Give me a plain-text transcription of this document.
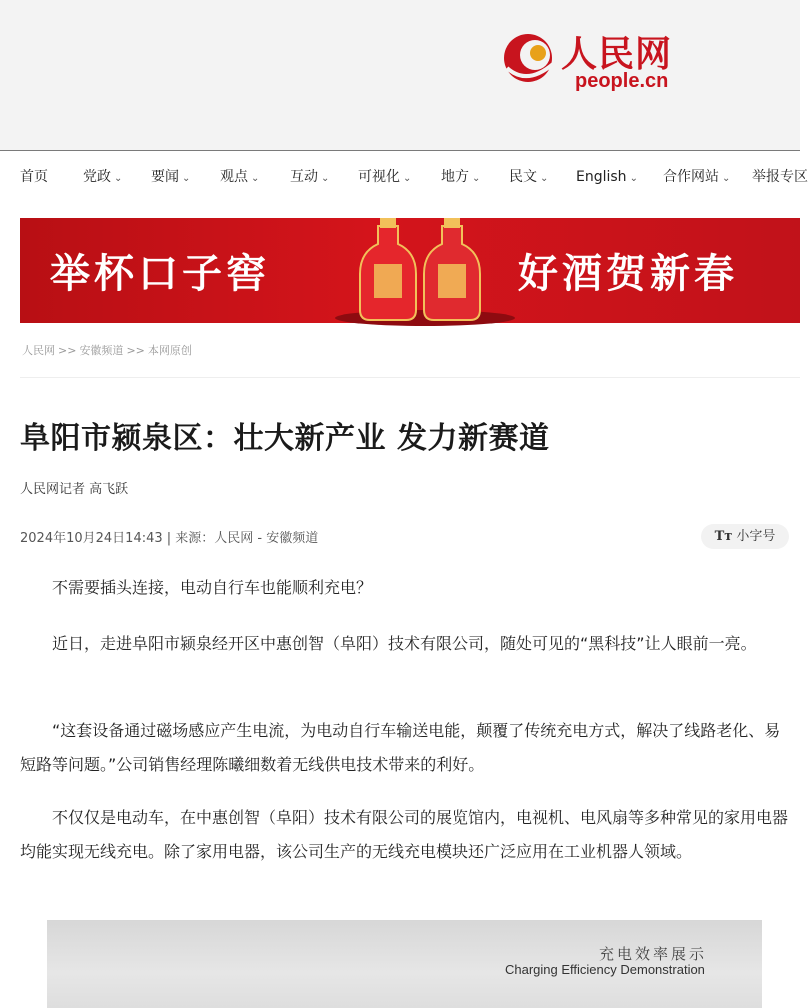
人民网
people.cn
首页	党政 ⌄ 要闻 ⌄ 观点 ⌄ 互动 ⌄ 可视化 ⌄ 地方 ⌄ 民文 ⌄ English ⌄ 合作网站 ⌄ 举报专区
举杯口子窖	好酒贺新春
人民网 >> 安徽频道 >> 本网原创
阜阳市颍泉区：壮大新产业 发力新赛道
人民网记者 高飞跃
2024年10月24日14:43 | 来源：人民网 - 安徽频道	Tт 小字号

不需要插头连接，电动自行车也能顺利充电？

近日，走进阜阳市颍泉经开区中惠创智（阜阳）技术有限公司，随处可见的“黑科技”让人眼前一亮。

“这套设备通过磁场感应产生电流，为电动自行车输送电能，颠覆了传统充电方式，解决了线路老化、易短路等问题。”公司销售经理陈曦细数着无线供电技术带来的利好。

不仅仅是电动车，在中惠创智（阜阳）技术有限公司的展览馆内，电视机、电风扇等多种常见的家用电器均能实现无线充电。除了家用电器，该公司生产的无线充电模块还广泛应用在工业机器人领域。

充电效率展示
Charging Efficiency Demonstration
